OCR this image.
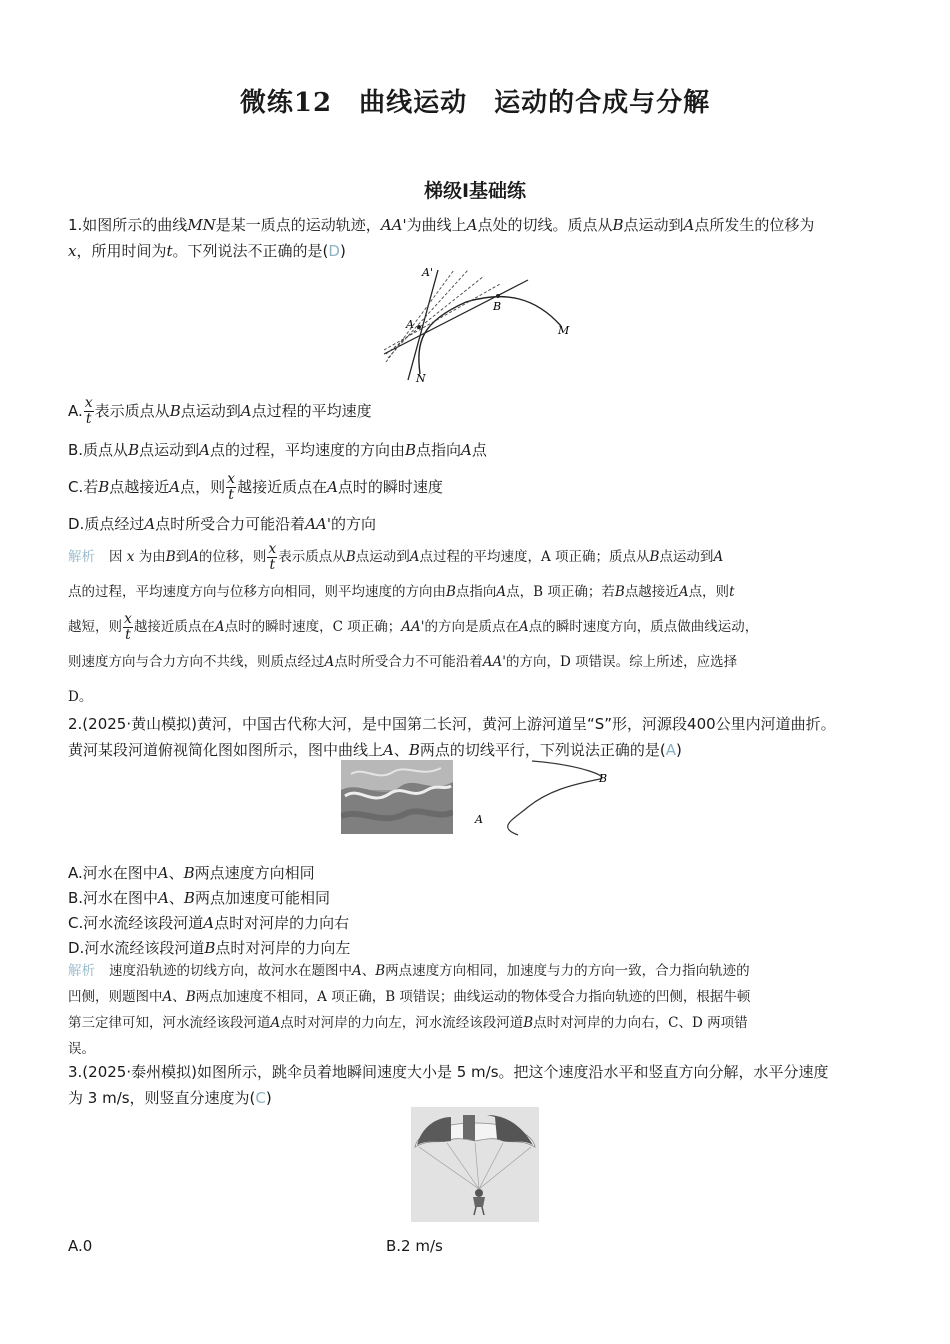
微练12　曲线运动　运动的合成与分解
梯级Ⅰ基础练
1.如图所示的曲线MN是某一质点的运动轨迹，AA'为曲线上A点处的切线。质点从B点运动到A点所发生的位移为
x，所用时间为t。下列说法不正确的是(D)
A'
A
B
M
N
A. $\frac{x}{t}$ 表示质点从B点运动到A点过程的平均速度
B.质点从B点运动到A点的过程，平均速度的方向由B点指向A点
C.若B点越接近A点，则 $\frac{x}{t}$ 越接近质点在A点时的瞬时速度
D.质点经过A点时所受合力可能沿着AA'的方向
解析 因 x 为由B到A的位移，则 $\frac{x}{t}$ 表示质点从B点运动到A点过程的平均速度，A 项正确；质点从B点运动到A
点的过程，平均速度方向与位移方向相同，则平均速度的方向由B点指向A点，B 项正确；若B点越接近A点，则t
越短，则 $\frac{x}{t}$ 越接近质点在A点时的瞬时速度，C 项正确；AA'的方向是质点在A点的瞬时速度方向，质点做曲线运动，
则速度方向与合力方向不共线，则质点经过A点时所受合力不可能沿着AA'的方向，D 项错误。综上所述，应选择
D。
2.(2025·黄山模拟)黄河，中国古代称大河，是中国第二长河，黄河上游河道呈“S”形，河源段400公里内河道曲折。
黄河某段河道俯视简化图如图所示，图中曲线上A、B两点的切线平行，下列说法正确的是(A)
B
A
A.河水在图中A、B两点速度方向相同
B.河水在图中A、B两点加速度可能相同
C.河水流经该段河道A点时对河岸的力向右
D.河水流经该段河道B点时对河岸的力向左
解析 速度沿轨迹的切线方向，故河水在题图中A、B两点速度方向相同，加速度与力的方向一致，合力指向轨迹的
凹侧，则题图中A、B两点加速度不相同，A 项正确，B 项错误；曲线运动的物体受合力指向轨迹的凹侧，根据牛顿
第三定律可知，河水流经该段河道A点时对河岸的力向左，河水流经该段河道B点时对河岸的力向右，C、D 两项错
误。
3.(2025·泰州模拟)如图所示，跳伞员着地瞬间速度大小是 5 m/s。把这个速度沿水平和竖直方向分解，水平分速度
为 3 m/s，则竖直分速度为(C)
A.0	B.2 m/s
